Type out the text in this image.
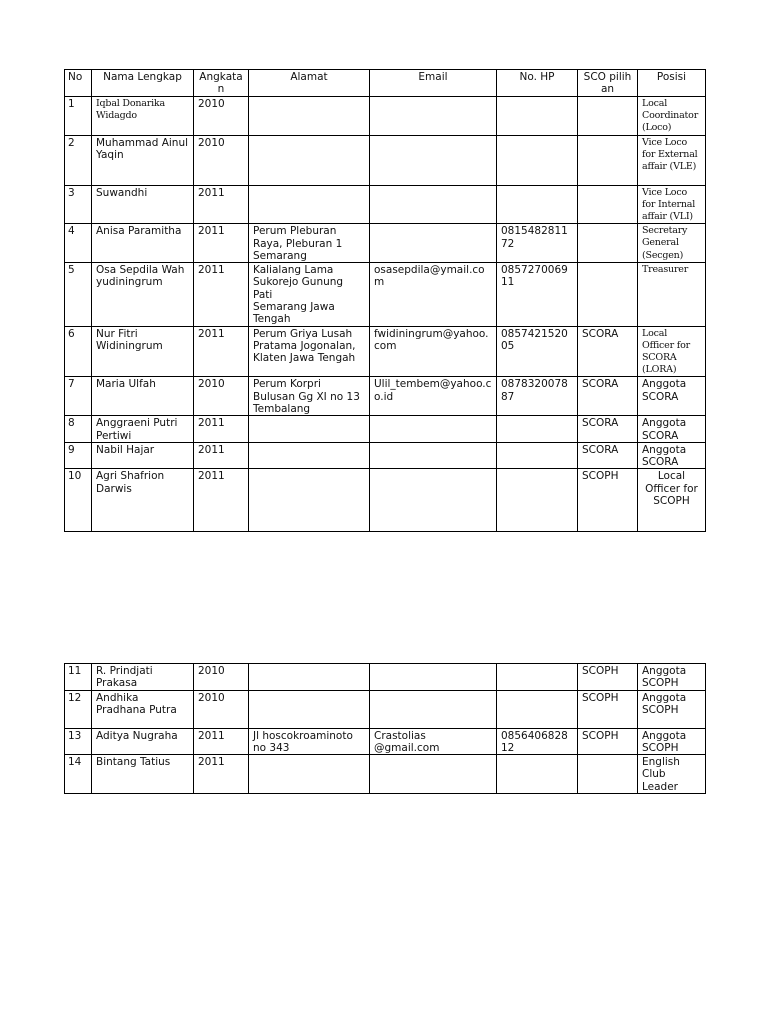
No	Nama Lengkap	Angkatan	Alamat	Email	No. HP	SCO pilihan	Posisi
1	Iqbal Donarika Widagdo	2010					Local Coordinator (Loco)
2	Muhammad Ainul Yaqin	2010					Vice Loco for External affair (VLE)
3	Suwandhi	2011					Vice Loco for Internal affair (VLI)
4	Anisa Paramitha	2011	Perum Pleburan Raya, Pleburan 1 Semarang		081548281172		Secretary General (Secgen)
5	Osa Sepdila Wahyudiningrum	2011	Kalialang Lama Sukorejo Gunung Pati
Semarang Jawa Tengah	osasepdila@ymail.com	085727006911		Treasurer
6	Nur Fitri Widiningrum	2011	Perum Griya Lusah Pratama Jogonalan, Klaten Jawa Tengah	fwidiningrum@yahoo.com	085742152005	SCORA	Local Officer for SCORA (LORA)
7	Maria Ulfah	2010	Perum Korpri Bulusan Gg XI no 13 Tembalang	Ulil_tembem@yahoo.co.id	087832007887	SCORA	Anggota SCORA
8	Anggraeni Putri Pertiwi	2011				SCORA	Anggota SCORA
9	Nabil Hajar	2011				SCORA	Anggota SCORA
10	Agri Shafrion Darwis	2011				SCOPH	Local Officer for SCOPH
11	R. Prindjati Prakasa	2010				SCOPH	Anggota SCOPH
12	Andhika Pradhana Putra	2010				SCOPH	Anggota SCOPH
13	Aditya Nugraha	2011	Jl hoscokroaminoto no 343	Crastolias @gmail.com	085640682812	SCOPH	Anggota SCOPH
14	Bintang Tatius	2011					English Club Leader
